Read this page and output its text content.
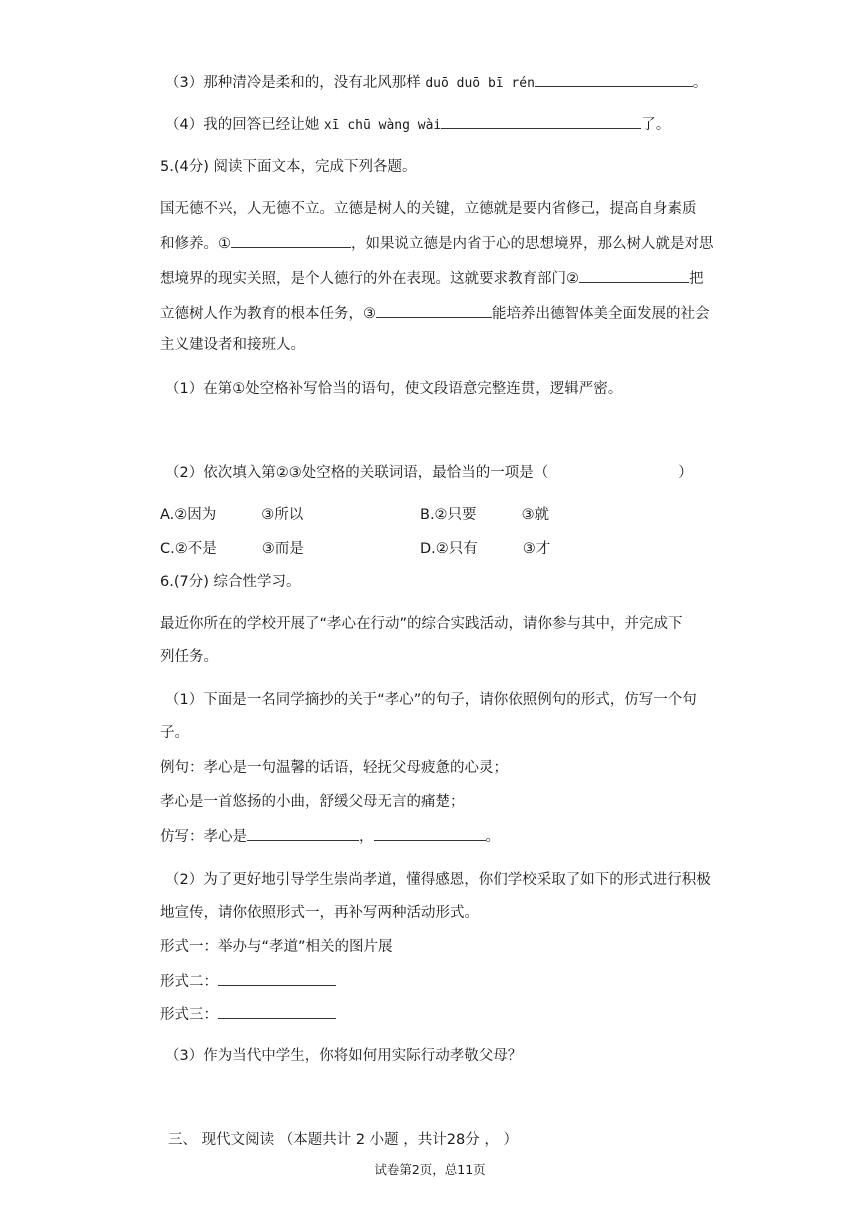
（3）那种清冷是柔和的，没有北风那样 duō duō bī rén	。
（4）我的回答已经让她 xī chū wàng wài	了。
5.(4分) 阅读下面文本，完成下列各题。
国无德不兴，人无德不立。立德是树人的关键，立德就是要内省修己，提高自身素质
和修养。①	，如果说立德是内省于心的思想境界，那么树人就是对思
想境界的现实关照，是个人德行的外在表现。这就要求教育部门②	把
立德树人作为教育的根本任务，③	能培养出德智体美全面发展的社会
主义建设者和接班人。
（1）在第①处空格补写恰当的语句，使文段语意完整连贯，逻辑严密。
（2）依次填入第②③处空格的关联词语，最恰当的一项是（	）
A.②因为	③所以	B.②只要	③就
C.②不是	③而是	D.②只有	③才
6.(7分) 综合性学习。
最近你所在的学校开展了“孝心在行动”的综合实践活动，请你参与其中，并完成下
列任务。
（1）下面是一名同学摘抄的关于“孝心”的句子，请你依照例句的形式，仿写一个句
子。
例句：孝心是一句温馨的话语，轻抚父母疲惫的心灵；
孝心是一首悠扬的小曲，舒缓父母无言的痛楚；
仿写：孝心是	，	。
（2）为了更好地引导学生崇尚孝道，懂得感恩，你们学校采取了如下的形式进行积极
地宣传，请你依照形式一，再补写两种活动形式。
形式一：举办与“孝道”相关的图片展
形式二：
形式三：
（3）作为当代中学生，你将如何用实际行动孝敬父母？
三、 现代文阅读 （本题共计 2 小题 ，共计28分 ， ）
试卷第2页，总11页
